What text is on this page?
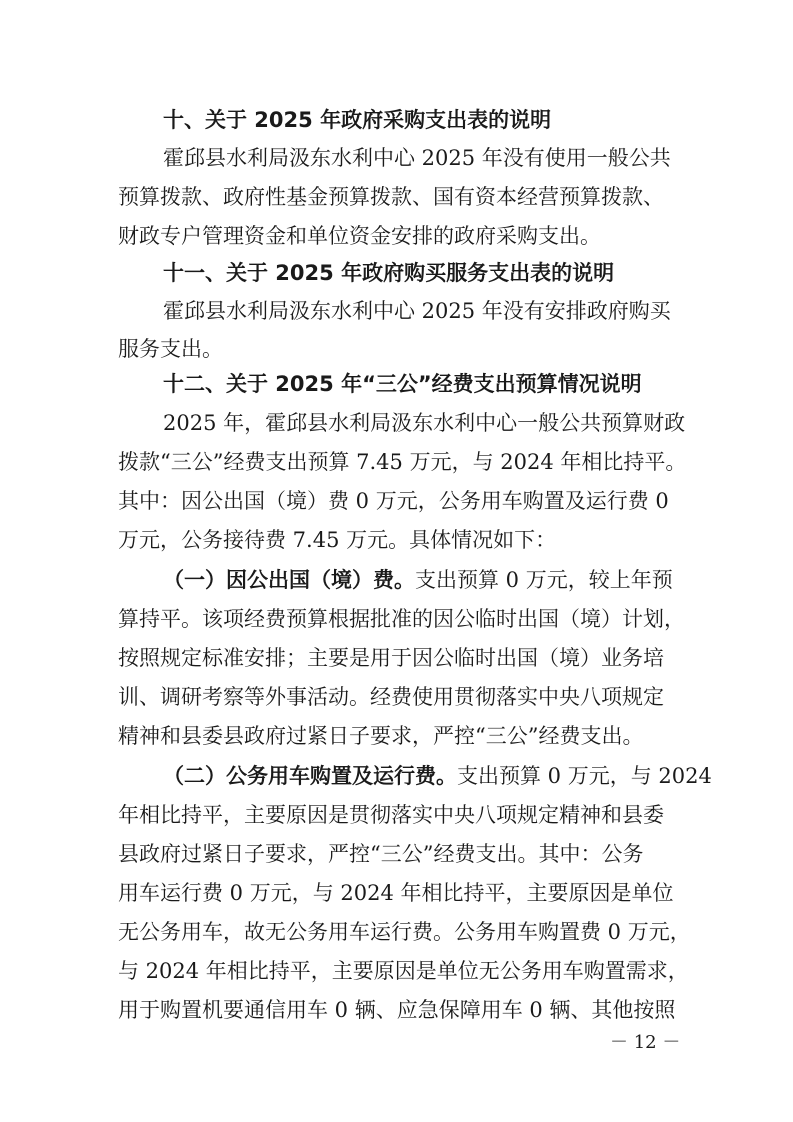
十、关于 2025 年政府采购支出表的说明
霍邱县水利局汲东水利中心 2025 年没有使用一般公共
预算拨款、政府性基金预算拨款、国有资本经营预算拨款、
财政专户管理资金和单位资金安排的政府采购支出。
十一、关于 2025 年政府购买服务支出表的说明
霍邱县水利局汲东水利中心 2025 年没有安排政府购买
服务支出。
十二、关于 2025 年“三公”经费支出预算情况说明
2025 年，霍邱县水利局汲东水利中心一般公共预算财政
拨款“三公”经费支出预算 7.45 万元，与 2024 年相比持平。
其中：因公出国（境）费 0 万元，公务用车购置及运行费 0
万元，公务接待费 7.45 万元。具体情况如下：
（一）因公出国（境）费。支出预算 0 万元，较上年预
算持平。该项经费预算根据批准的因公临时出国（境）计划，
按照规定标准安排；主要是用于因公临时出国（境）业务培
训、调研考察等外事活动。经费使用贯彻落实中央八项规定
精神和县委县政府过紧日子要求，严控“三公”经费支出。
（二）公务用车购置及运行费。支出预算 0 万元，与 2024
年相比持平，主要原因是贯彻落实中央八项规定精神和县委
县政府过紧日子要求，严控“三公”经费支出。其中：公务
用车运行费 0 万元，与 2024 年相比持平，主要原因是单位
无公务用车，故无公务用车运行费。公务用车购置费 0 万元，
与 2024 年相比持平，主要原因是单位无公务用车购置需求，
用于购置机要通信用车 0 辆、应急保障用车 0 辆、其他按照
－ 12 －
